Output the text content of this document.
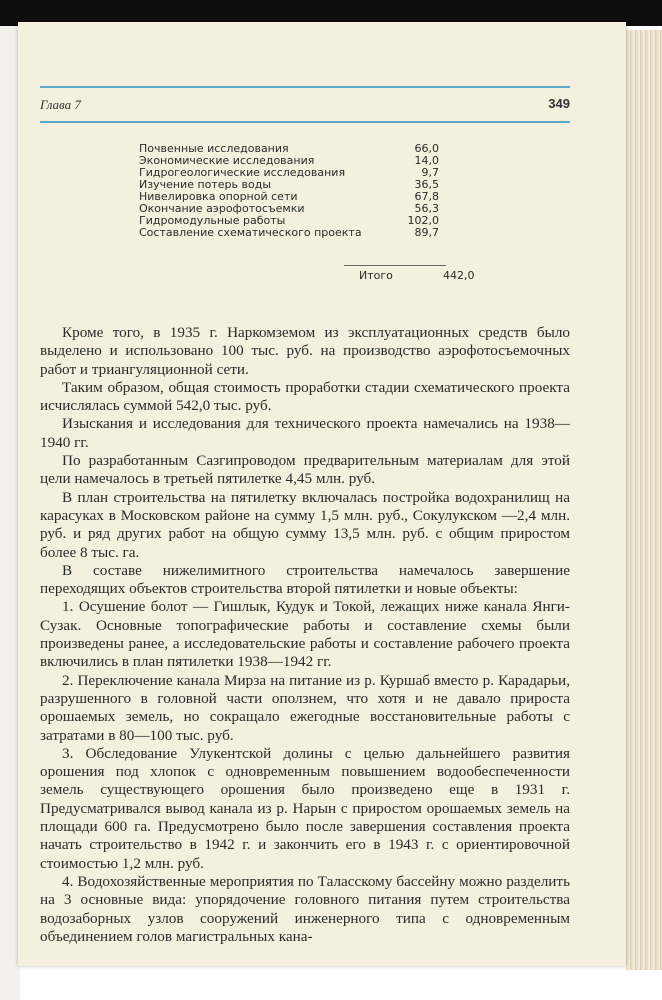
Глава 7	349
Почвенные исследования	66,0
Экономические исследования	14,0
Гидрогеологические исследования	9,7
Изучение потерь воды	36,5
Нивелировка опорной сети	67,8
Окончание аэрофотосъемки	56,3
Гидромодульные работы	102,0
Составление схематического проекта	89,7
Итого	442,0

Кроме того, в 1935 г. Наркомземом из эксплуатационных средств было выделено и использовано 100 тыс. руб. на производство аэрофотосъемочных работ и триангуляционной сети.

Таким образом, общая стоимость проработки стадии схематического проекта исчислялась суммой 542,0 тыс. руб.

Изыскания и исследования для технического проекта намечались на 1938—1940 гг.

По разработанным Сазгипроводом предварительным материалам для этой цели намечалось в третьей пятилетке 4,45 млн. руб.

В план строительства на пятилетку включалась постройка водохранилищ на карасуках в Московском районе на сумму 1,5 млн. руб., Сокулукском —2,4 млн. руб. и ряд других работ на общую сумму 13,5 млн. руб. с общим приростом более 8 тыс. га.

В составе нижелимитного строительства намечалось завершение переходящих объектов строительства второй пятилетки и новые объекты:

1. Осушение болот — Гишлык, Кудук и Токой, лежащих ниже канала Янги-Сузак. Основные топографические работы и составление схемы были произведены ранее, а исследовательские работы и составление рабочего проекта включились в план пятилетки 1938—1942 гг.

2. Переключение канала Мирза на питание из р. Куршаб вместо р. Карадарьи, разрушенного в головной части оползнем, что хотя и не давало прироста орошаемых земель, но сокращало ежегодные восстановительные работы с затратами в 80—100 тыс. руб.

3. Обследование Улукентской долины с целью дальнейшего развития орошения под хлопок с одновременным повышением водообеспеченности земель существующего орошения было произведено еще в 1931 г. Предусматривался вывод канала из р. Нарын с приростом орошаемых земель на площади 600 га. Предусмотрено было после завершения составления проекта начать строительство в 1942 г. и закончить его в 1943 г. с ориентировочной стоимостью 1,2 млн. руб.

4. Водохозяйственные мероприятия по Таласскому бассейну можно разделить на 3 основные вида: упорядочение головного питания путем строительства водозаборных узлов сооружений инженерного типа с одновременным объединением голов магистральных кана-
